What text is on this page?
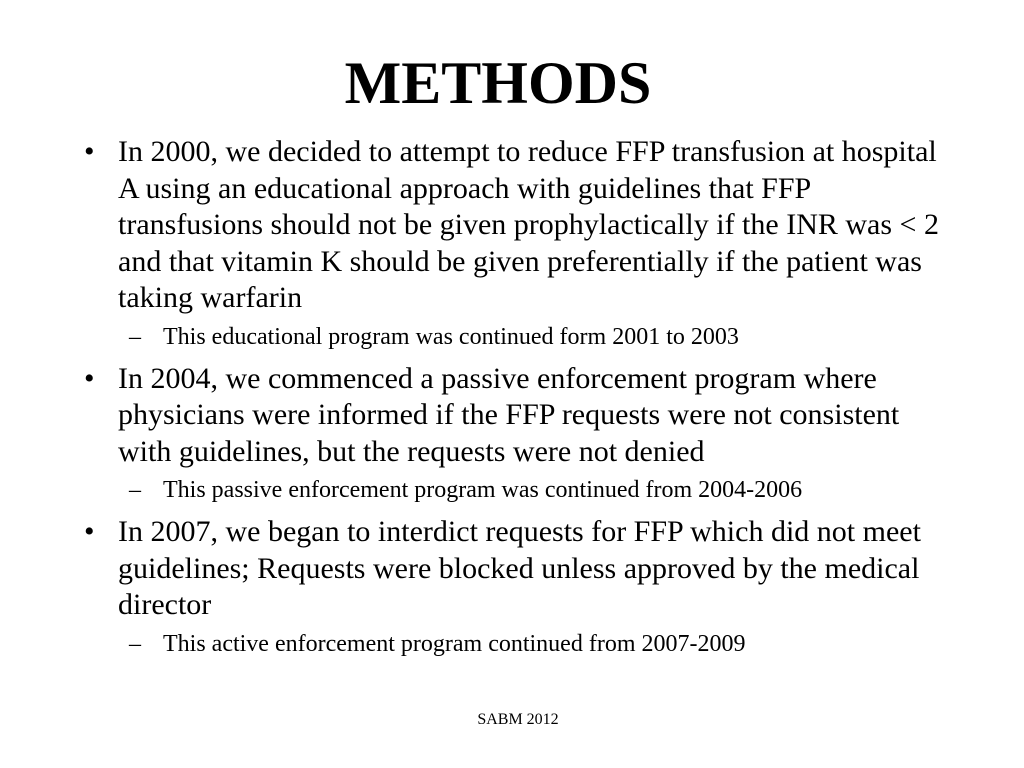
METHODS
• In 2000, we decided to attempt to reduce FFP transfusion at hospital A using an educational approach with guidelines that FFP transfusions should not be given prophylactically if the INR was < 2 and that vitamin K should be given preferentially if the patient was taking warfarin
– This educational program was continued form 2001 to 2003
• In 2004, we commenced a passive enforcement program where physicians were informed if the FFP requests were not consistent with guidelines, but the requests were not denied
– This passive enforcement program was continued from 2004-2006
• In 2007, we began to interdict requests for FFP which did not meet guidelines; Requests were blocked unless approved by the medical director
– This active enforcement program continued from 2007-2009
SABM 2012
